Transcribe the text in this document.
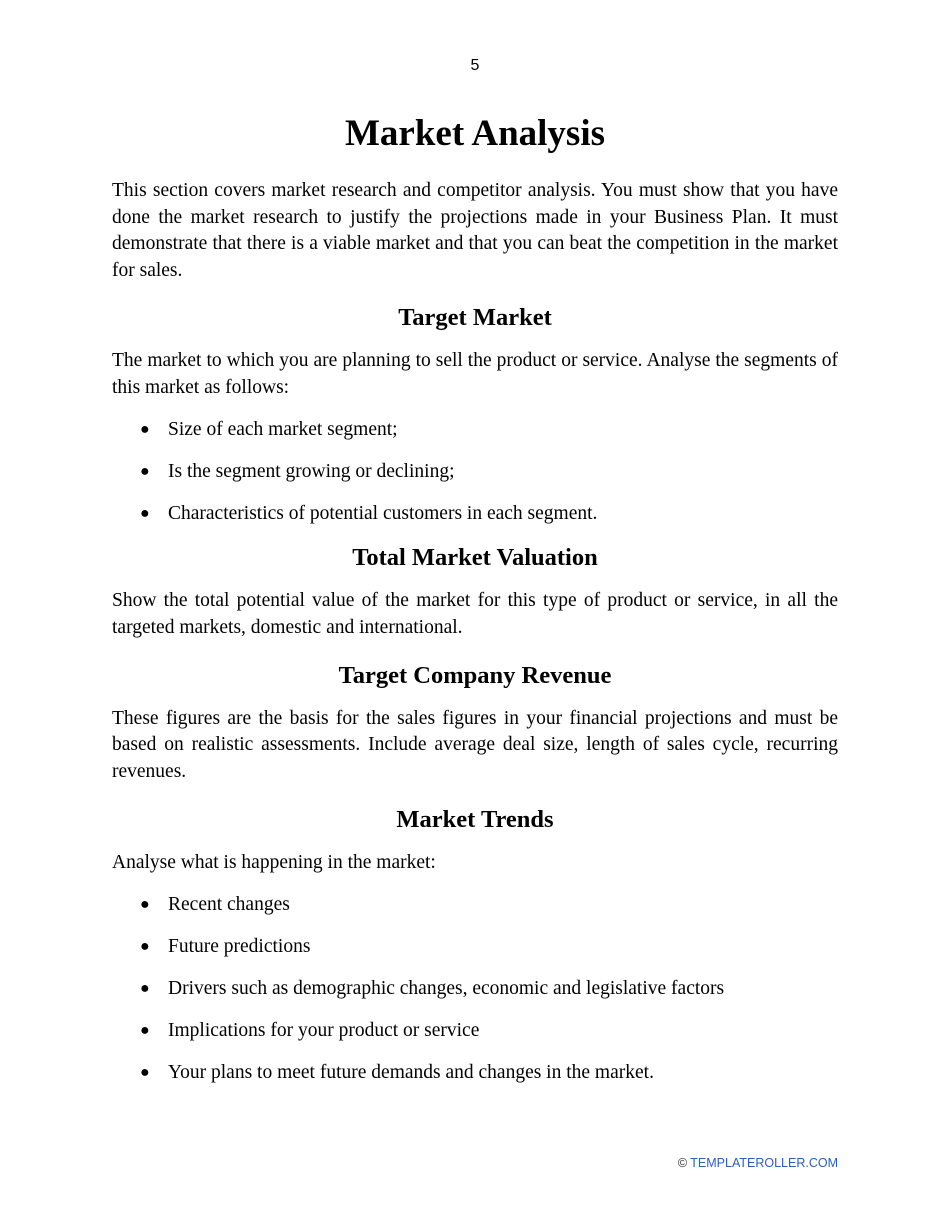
5
Market Analysis

This section covers market research and competitor analysis. You must show that you have done the market research to justify the projections made in your Business Plan. It must demonstrate that there is a viable market and that you can beat the competition in the market for sales.

Target Market

The market to which you are planning to sell the product or service. Analyse the segments of this market as follows:

● Size of each market segment;
● Is the segment growing or declining;
● Characteristics of potential customers in each segment.
Total Market Valuation

Show the total potential value of the market for this type of product or service, in all the targeted markets, domestic and international.

Target Company Revenue

These figures are the basis for the sales figures in your financial projections and must be based on realistic assessments. Include average deal size, length of sales cycle, recurring revenues.

Market Trends

Analyse what is happening in the market:

● Recent changes
● Future predictions
● Drivers such as demographic changes, economic and legislative factors
● Implications for your product or service
● Your plans to meet future demands and changes in the market.
© TEMPLATEROLLER.COM
